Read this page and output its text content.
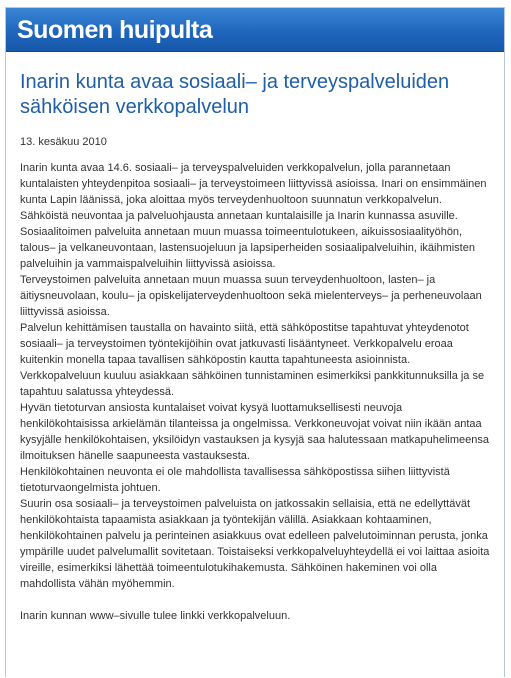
Suomen huipulta
Inarin kunta avaa sosiaali– ja terveyspalveluiden sähköisen verkkopalvelun
13. kesäkuu 2010

Inarin kunta avaa 14.6. sosiaali– ja terveyspalveluiden verkkopalvelun, jolla parannetaan kuntalaisten yhteydenpitoa sosiaali– ja terveystoimeen liittyvissä asioissa. Inari on ensimmäinen kunta Lapin läänissä, joka aloittaa myös terveydenhuoltoon suunnatun verkkopalvelun. Sähköistä neuvontaa ja palveluohjausta annetaan kuntalaisille ja Inarin kunnassa asuville.

Sosiaalitoimen palveluita annetaan muun muassa toimeentulotukeen, aikuissosiaalityöhön, talous– ja velkaneuvontaan, lastensuojeluun ja lapsiperheiden sosiaalipalveluihin, ikäihmisten palveluihin ja vammaispalveluihin liittyvissä asioissa.

Terveystoimen palveluita annetaan muun muassa suun terveydenhuoltoon, lasten– ja äitiysneuvolaan, koulu– ja opiskelijaterveydenhuoltoon sekä mielenterveys– ja perheneuvolaan liittyvissä asioissa.

Palvelun kehittämisen taustalla on havainto siitä, että sähköpostitse tapahtuvat yhteydenotot sosiaali– ja terveystoimen työntekijöihin ovat jatkuvasti lisääntyneet. Verkkopalvelu eroaa kuitenkin monella tapaa tavallisen sähköpostin kautta tapahtuneesta asioinnista. Verkkopalveluun kuuluu asiakkaan sähköinen tunnistaminen esimerkiksi pankkitunnuksilla ja se tapahtuu salatussa yhteydessä.

Hyvän tietoturvan ansiosta kuntalaiset voivat kysyä luottamuksellisesti neuvoja henkilökohtaisissa arkielämän tilanteissa ja ongelmissa. Verkkoneuvojat voivat niin ikään antaa kysyjälle henkilökohtaisen, yksilöidyn vastauksen ja kysyjä saa halutessaan matkapuhelimeensa ilmoituksen hänelle saapuneesta vastauksesta.

Henkilökohtainen neuvonta ei ole mahdollista tavallisessa sähköpostissa siihen liittyvistä tietoturvaongelmista johtuen.

Suurin osa sosiaali– ja terveystoimen palveluista on jatkossakin sellaisia, että ne edellyttävät henkilökohtaista tapaamista asiakkaan ja työntekijän välillä. Asiakkaan kohtaaminen, henkilökohtainen palvelu ja perinteinen asiakkuus ovat edelleen palvelutoiminnan perusta, jonka ympärille uudet palvelumallit sovitetaan. Toistaiseksi verkkopalveluyhteydellä ei voi laittaa asioita vireille, esimerkiksi lähettää toimeentulotukihakemusta. Sähköinen hakeminen voi olla mahdollista vähän myöhemmin.

Inarin kunnan www–sivulle tulee linkki verkkopalveluun.
